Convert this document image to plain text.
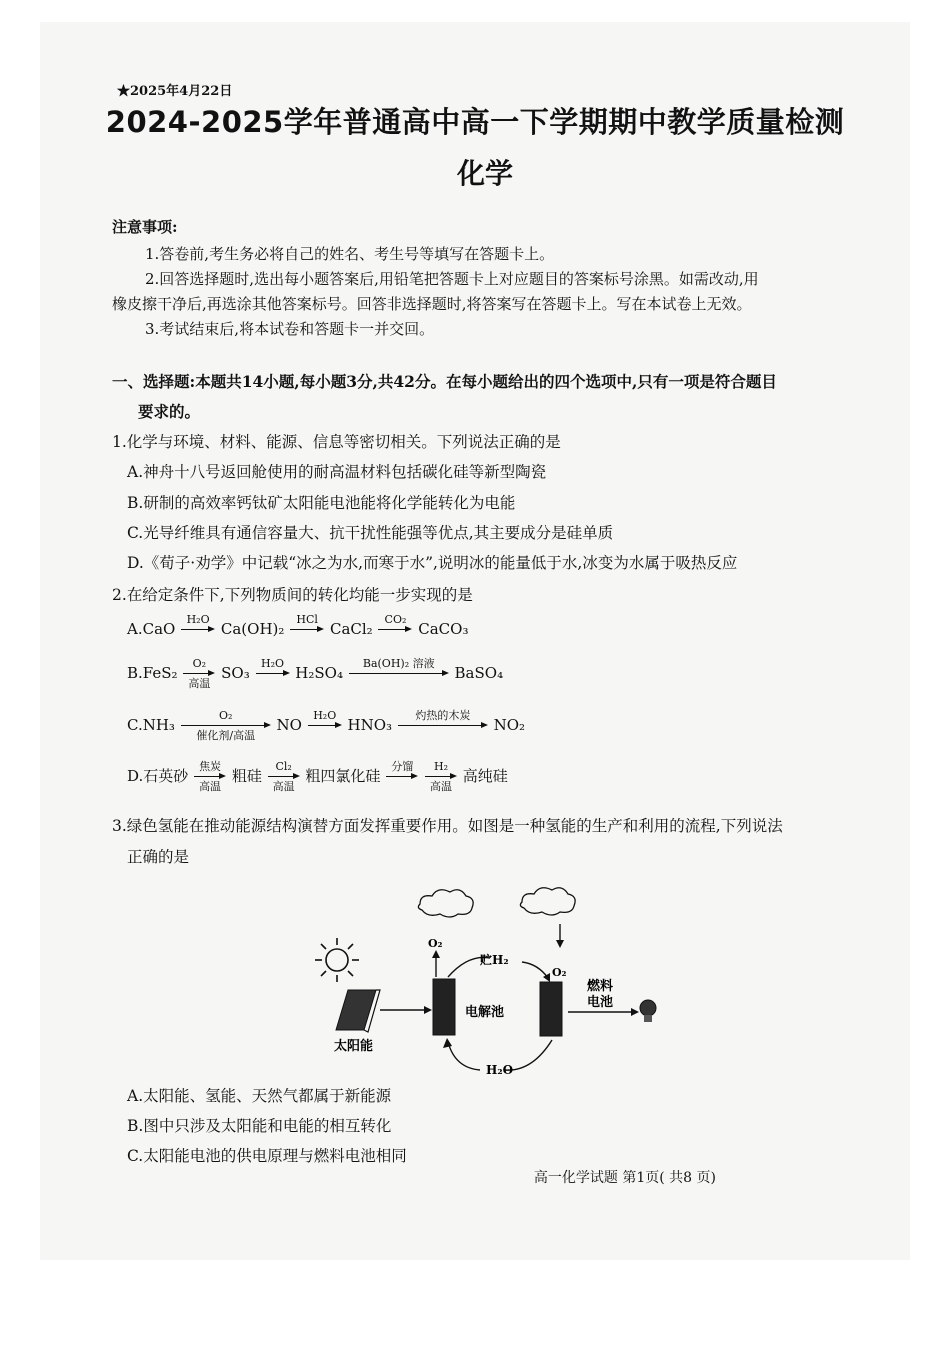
★2025年4月22日
2024-2025学年普通高中高一下学期期中教学质量检测
化学
注意事项:
1.答卷前,考生务必将自己的姓名、考生号等填写在答题卡上。
2.回答选择题时,选出每小题答案后,用铅笔把答题卡上对应题目的答案标号涂黑。如需改动,用
橡皮擦干净后,再选涂其他答案标号。回答非选择题时,将答案写在答题卡上。写在本试卷上无效。
3.考试结束后,将本试卷和答题卡一并交回。
一、选择题:本题共14小题,每小题3分,共42分。在每小题给出的四个选项中,只有一项是符合题目
要求的。
1.化学与环境、材料、能源、信息等密切相关。下列说法正确的是
A.神舟十八号返回舱使用的耐高温材料包括碳化硅等新型陶瓷
B.研制的高效率钙钛矿太阳能电池能将化学能转化为电能
C.光导纤维具有通信容量大、抗干扰性能强等优点,其主要成分是硅单质
D.《荀子·劝学》中记载“冰之为水,而寒于水”,说明冰的能量低于水,冰变为水属于吸热反应
2.在给定条件下,下列物质间的转化均能一步实现的是
A.CaO
H₂O
Ca(OH)₂
HCl
CaCl₂
CO₂
CaCO₃
B.FeS₂
O₂
高温
SO₃
H₂O
H₂SO₄
Ba(OH)₂ 溶液
BaSO₄
C.NH₃
O₂
催化剂/高温
NO
H₂O
HNO₃
灼热的木炭
NO₂
D.石英砂
焦炭
高温
粗硅
Cl₂
高温
粗四氯化硅
分馏
	H₂
高温
高纯硅
3.绿色氢能在推动能源结构演替方面发挥重要作用。如图是一种氢能的生产和利用的流程,下列说法
正确的是
太阳能
O₂
O₂
电解池
燃料
电池
贮H₂
H₂O
A.太阳能、氢能、天然气都属于新能源
B.图中只涉及太阳能和电能的相互转化
C.太阳能电池的供电原理与燃料电池相同
高一化学试题 第1页( 共8 页)
